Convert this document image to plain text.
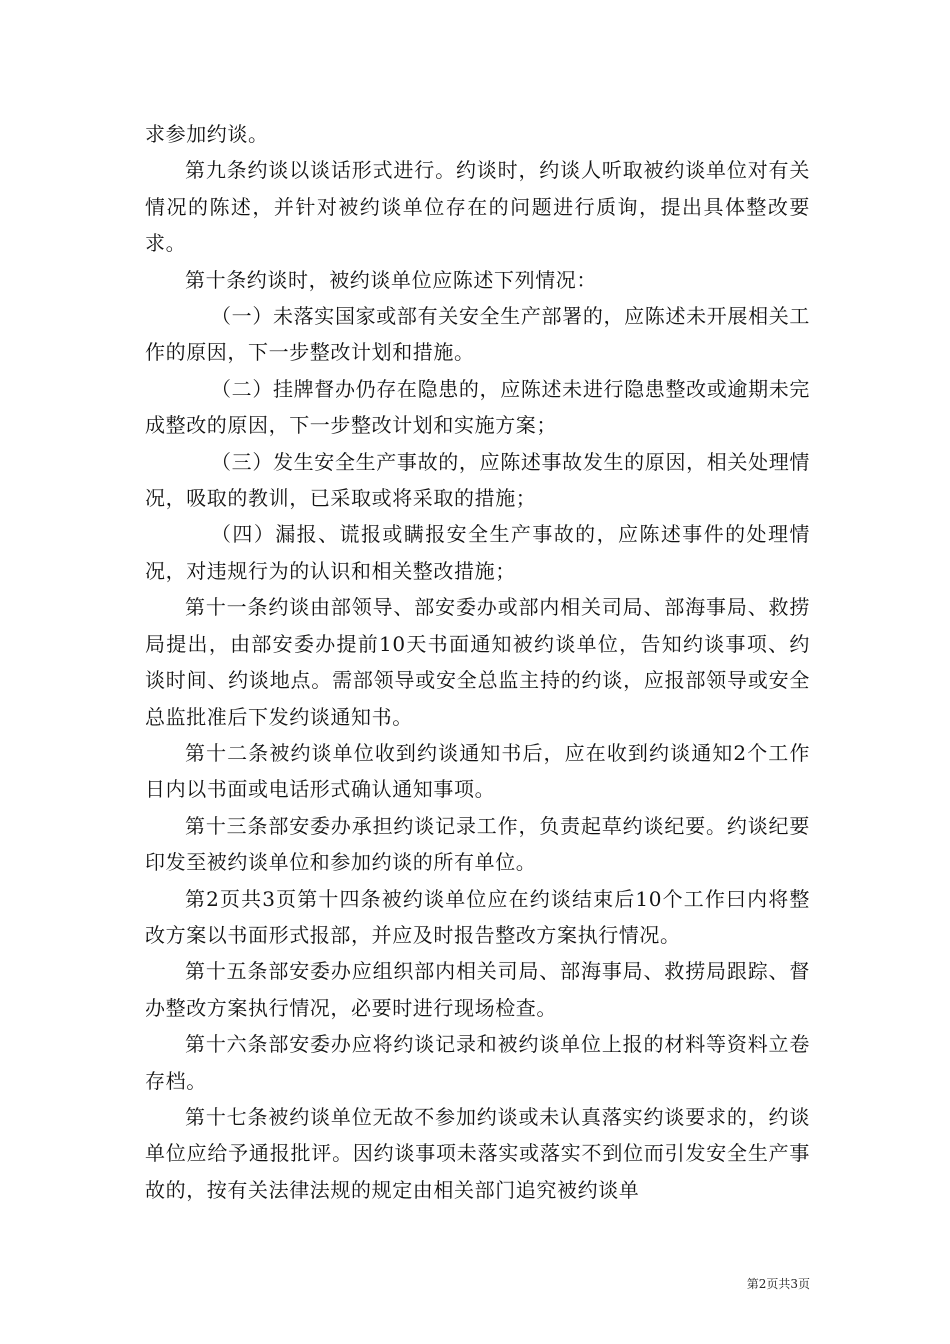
求参加约谈。

第九条约谈以谈话形式进行。约谈时，约谈人听取被约谈单位对有关情况的陈述，并针对被约谈单位存在的问题进行质询，提出具体整改要求。

第十条约谈时，被约谈单位应陈述下列情况：

（一）未落实国家或部有关安全生产部署的，应陈述未开展相关工作的原因，下一步整改计划和措施。

（二）挂牌督办仍存在隐患的，应陈述未进行隐患整改或逾期未完成整改的原因，下一步整改计划和实施方案；

（三）发生安全生产事故的，应陈述事故发生的原因，相关处理情况，吸取的教训，已采取或将采取的措施；

（四）漏报、谎报或瞒报安全生产事故的，应陈述事件的处理情况，对违规行为的认识和相关整改措施；

第十一条约谈由部领导、部安委办或部内相关司局、部海事局、救捞局提出，由部安委办提前10天书面通知被约谈单位，告知约谈事项、约谈时间、约谈地点。需部领导或安全总监主持的约谈，应报部领导或安全总监批准后下发约谈通知书。

第十二条被约谈单位收到约谈通知书后，应在收到约谈通知2个工作日内以书面或电话形式确认通知事项。

第十三条部安委办承担约谈记录工作，负责起草约谈纪要。约谈纪要印发至被约谈单位和参加约谈的所有单位。

第2页共3页第十四条被约谈单位应在约谈结束后10个工作曰内将整改方案以书面形式报部，并应及时报告整改方案执行情况。

第十五条部安委办应组织部内相关司局、部海事局、救捞局跟踪、督办整改方案执行情况，必要时进行现场检查。

第十六条部安委办应将约谈记录和被约谈单位上报的材料等资料立卷存档。

第十七条被约谈单位无故不参加约谈或未认真落实约谈要求的，约谈单位应给予通报批评。因约谈事项未落实或落实不到位而引发安全生产事故的，按有关法律法规的规定由相关部门追究被约谈单

第2页共3页
